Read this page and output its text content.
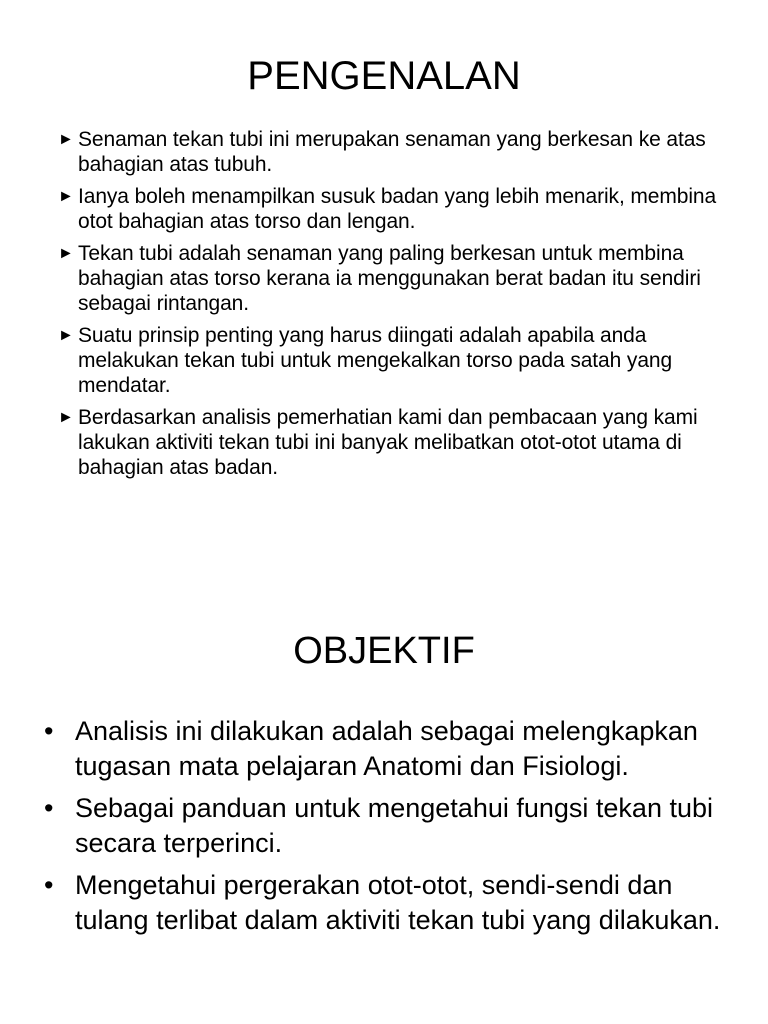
PENGENALAN
► Senaman tekan tubi ini merupakan senaman yang berkesan ke atas bahagian atas tubuh.
► Ianya boleh menampilkan susuk badan yang lebih menarik, membina otot bahagian atas torso dan lengan.
► Tekan tubi adalah senaman yang paling berkesan untuk membina bahagian atas torso kerana ia menggunakan berat badan itu sendiri sebagai rintangan.
► Suatu prinsip penting yang harus diingati adalah apabila anda melakukan tekan tubi untuk mengekalkan torso pada satah yang mendatar.
► Berdasarkan analisis pemerhatian kami dan pembacaan yang kami lakukan aktiviti tekan tubi ini banyak melibatkan otot-otot utama di bahagian atas badan.
OBJEKTIF
• Analisis ini dilakukan adalah sebagai melengkapkan tugasan mata pelajaran Anatomi dan Fisiologi.
• Sebagai panduan untuk mengetahui fungsi tekan tubi secara terperinci.
• Mengetahui pergerakan otot-otot, sendi-sendi dan tulang terlibat dalam aktiviti tekan tubi yang dilakukan.
